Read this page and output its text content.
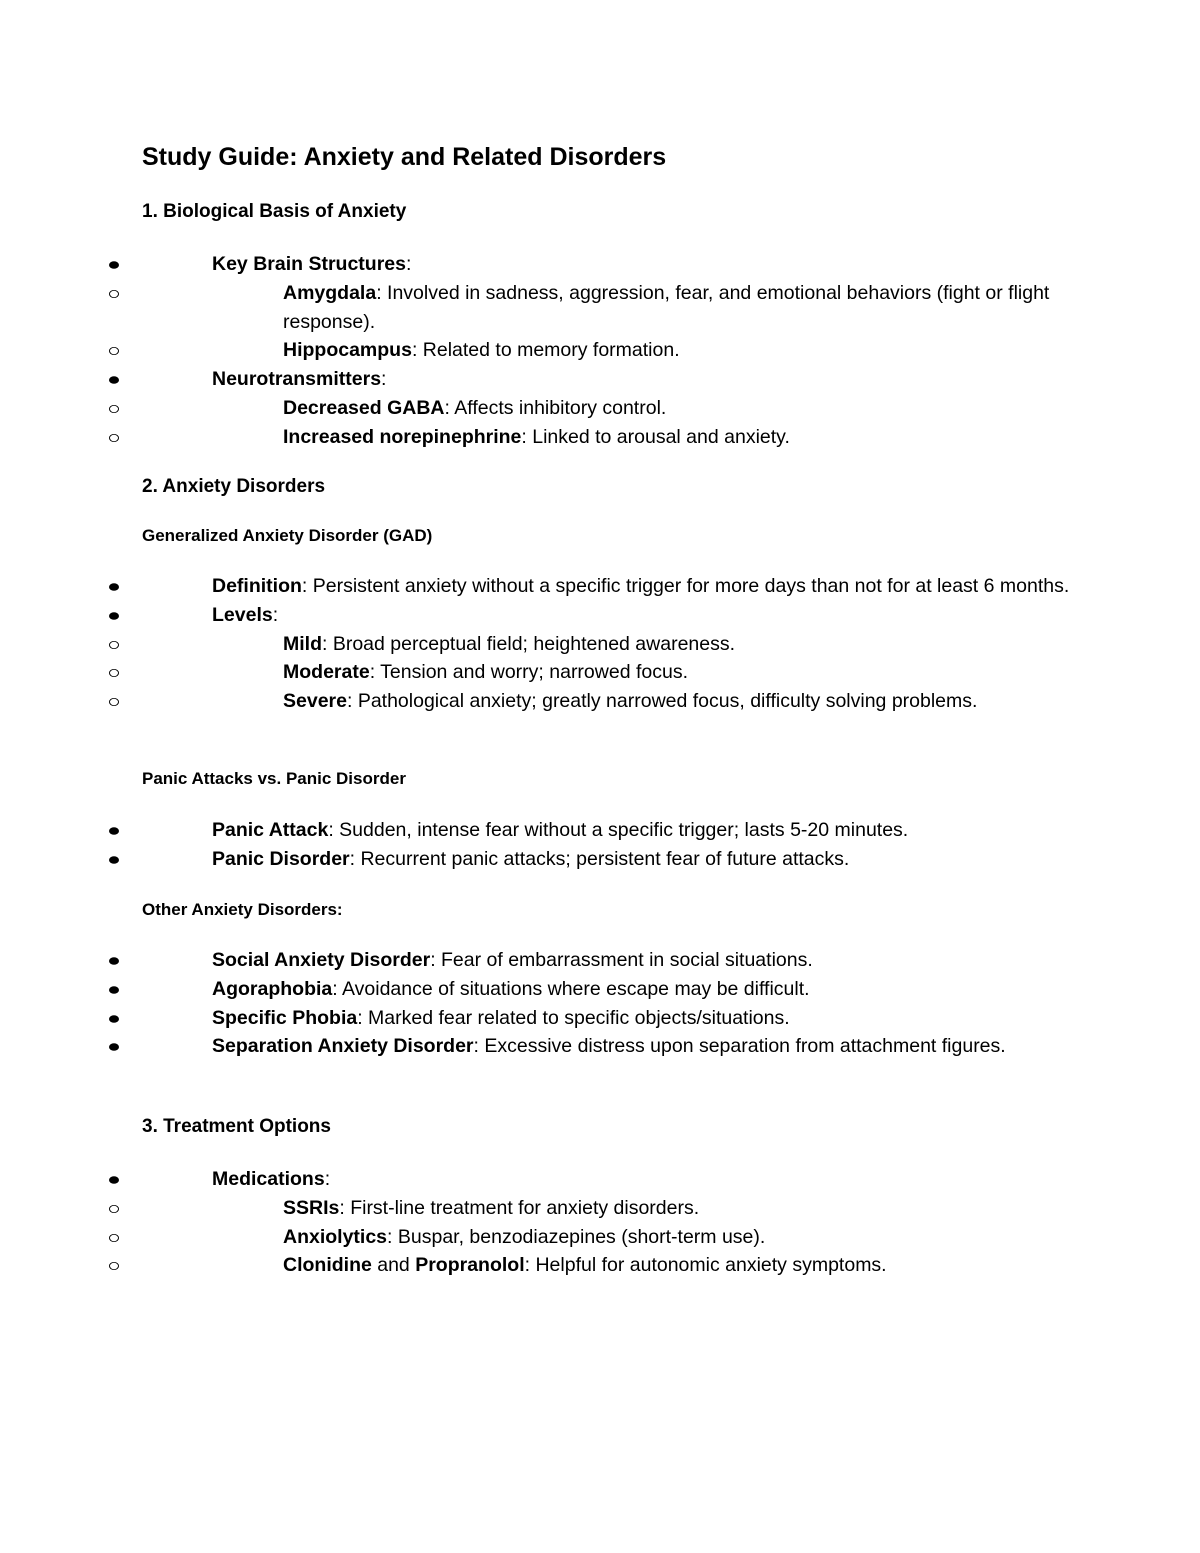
Study Guide: Anxiety and Related Disorders
1. Biological Basis of Anxiety
Key Brain Structures:
Amygdala: Involved in sadness, aggression, fear, and emotional behaviors (fight or flight response).
Hippocampus: Related to memory formation.
Neurotransmitters:
Decreased GABA: Affects inhibitory control.
Increased norepinephrine: Linked to arousal and anxiety.
2. Anxiety Disorders
Generalized Anxiety Disorder (GAD)
Definition: Persistent anxiety without a specific trigger for more days than not for at least 6 months.
Levels:
Mild: Broad perceptual field; heightened awareness.
Moderate: Tension and worry; narrowed focus.
Severe: Pathological anxiety; greatly narrowed focus, difficulty solving problems.
Panic Attacks vs. Panic Disorder
Panic Attack: Sudden, intense fear without a specific trigger; lasts 5-20 minutes.
Panic Disorder: Recurrent panic attacks; persistent fear of future attacks.
Other Anxiety Disorders:
Social Anxiety Disorder: Fear of embarrassment in social situations.
Agoraphobia: Avoidance of situations where escape may be difficult.
Specific Phobia: Marked fear related to specific objects/situations.
Separation Anxiety Disorder: Excessive distress upon separation from attachment figures.
3. Treatment Options
Medications:
SSRIs: First-line treatment for anxiety disorders.
Anxiolytics: Buspar, benzodiazepines (short-term use).
Clonidine and Propranolol: Helpful for autonomic anxiety symptoms.
